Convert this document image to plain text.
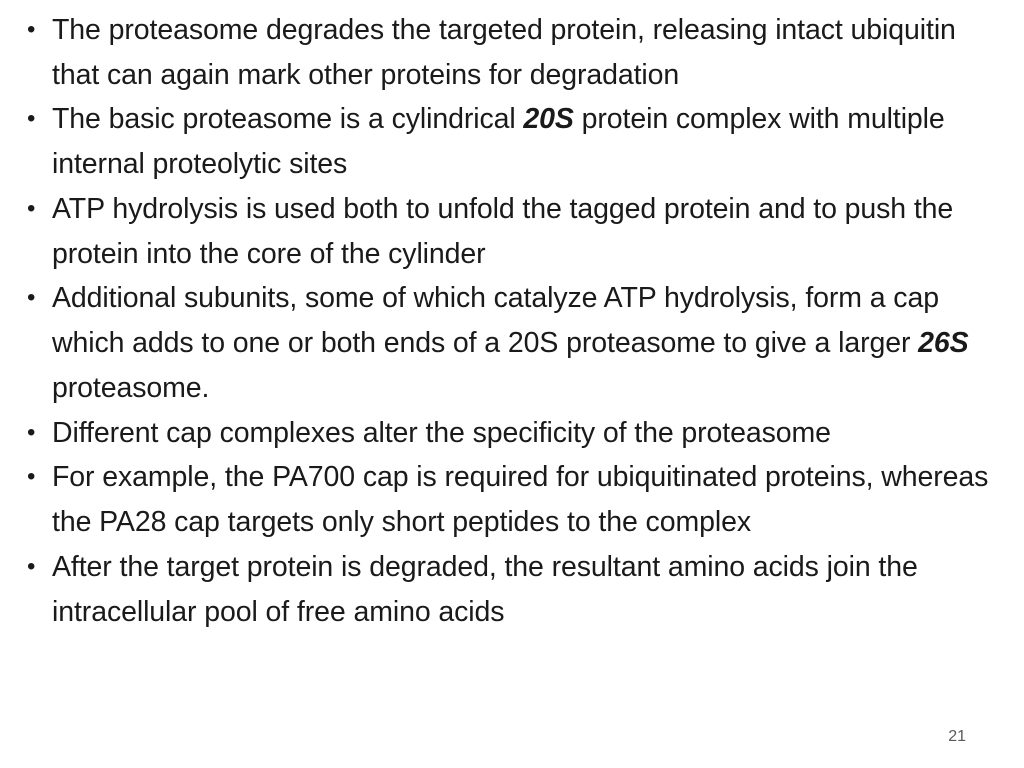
• The proteasome degrades the targeted protein, releasing intact ubiquitin that can again mark other proteins for degradation
• The basic proteasome is a cylindrical 20S protein complex with multiple internal proteolytic sites
• ATP hydrolysis is used both to unfold the tagged protein and to push the protein into the core of the cylinder
• Additional subunits, some of which catalyze ATP hydrolysis, form a cap which adds to one or both ends of a 20S proteasome to give a larger 26S proteasome.
• Different cap complexes alter the specificity of the proteasome
• For example, the PA700 cap is required for ubiquitinated proteins, whereas the PA28 cap targets only short peptides to the complex
• After the target protein is degraded, the resultant amino acids join the intracellular pool of free amino acids
21
